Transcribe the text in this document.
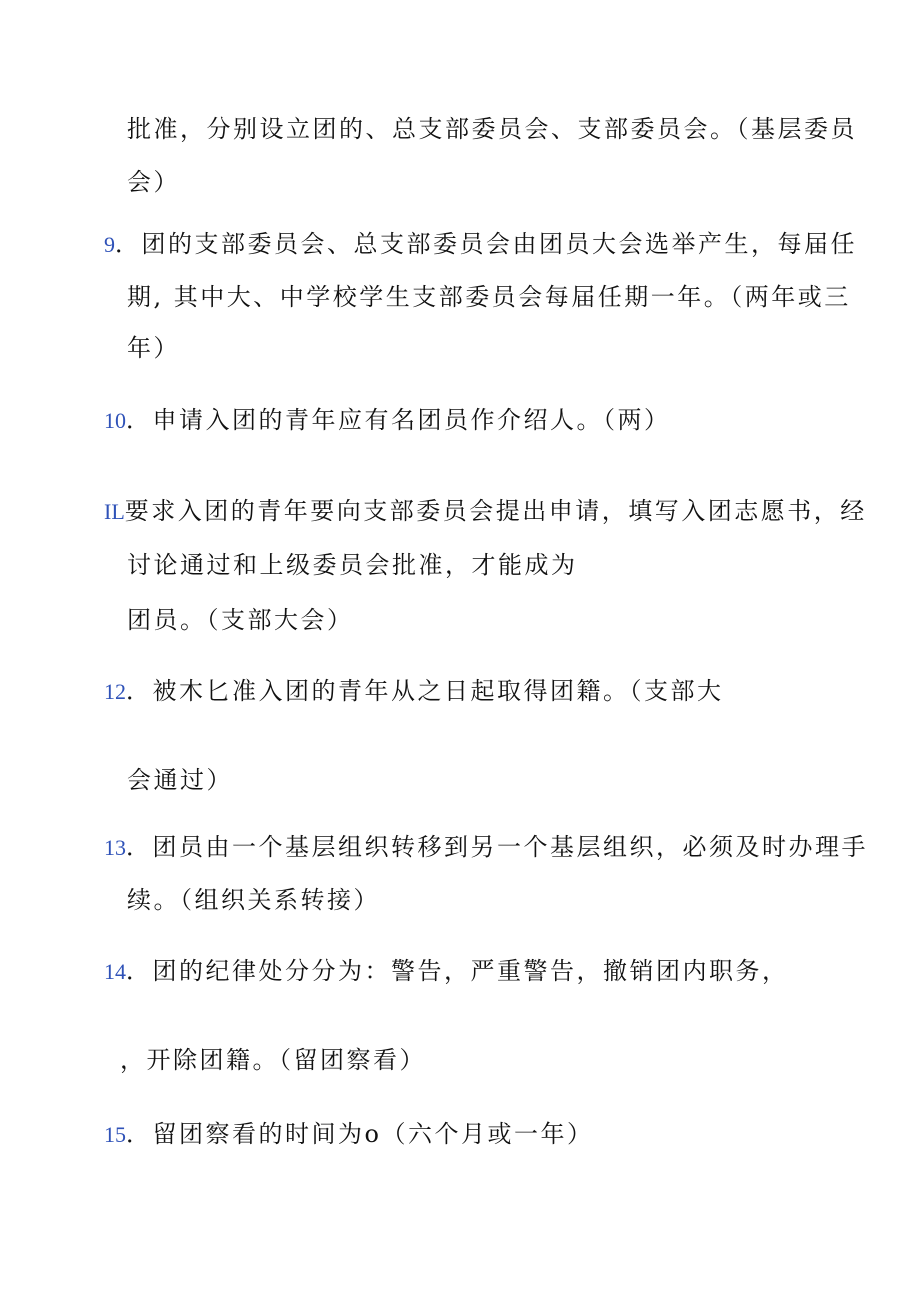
批准，分别设立团的、总支部委员会、支部委员会。（基层委员
会）
9．团的支部委员会、总支部委员会由团员大会选举产生，每届任
期, 其中大、中学校学生支部委员会每届任期一年。（两年或三
年）
10．申请入团的青年应有名团员作介绍人。（两）
IL要求入团的青年要向支部委员会提出申请，填写入团志愿书，经
讨论通过和上级委员会批准，才能成为
团员。（支部大会）
12．被木匕准入团的青年从之日起取得团籍。（支部大
会通过）
13．团员由一个基层组织转移到另一个基层组织，必须及时办理手
续。（组织关系转接）
14．团的纪律处分分为：警告，严重警告，撤销团内职务，
，开除团籍。（留团察看）
15．留团察看的时间为o（六个月或一年）
